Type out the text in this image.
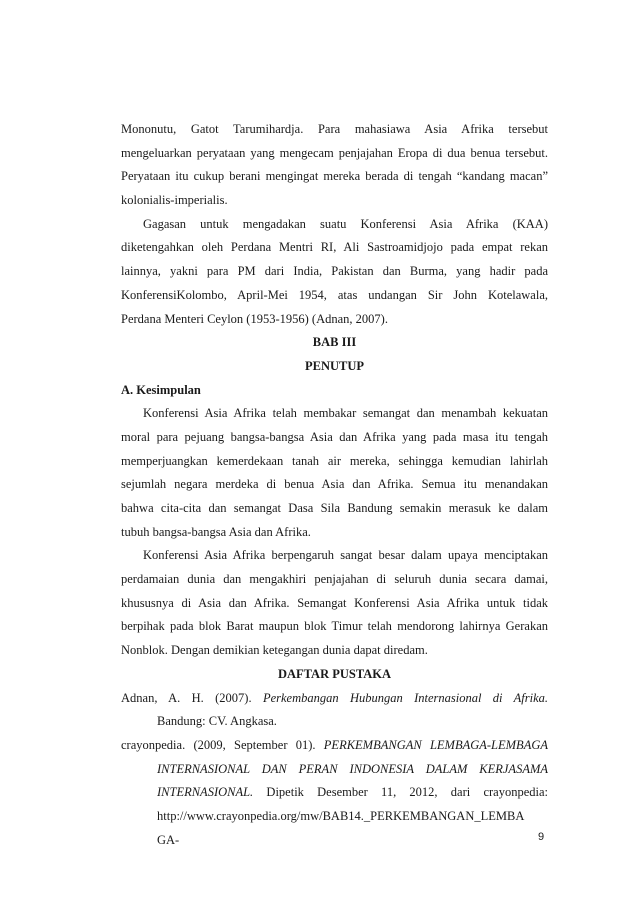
Mononutu, Gatot Tarumihardja. Para mahasiawa Asia Afrika tersebut
mengeluarkan peryataan yang mengecam penjajahan Eropa di dua benua tersebut.
Peryataan itu cukup berani mengingat mereka berada di tengah “kandang macan”
kolonialis-imperialis.
Gagasan untuk mengadakan suatu Konferensi Asia Afrika (KAA)
diketengahkan oleh Perdana Mentri RI, Ali Sastroamidjojo pada empat rekan
lainnya, yakni para PM dari India, Pakistan dan Burma, yang hadir pada
KonferensiKolombo, April-Mei 1954, atas undangan Sir John Kotelawala,
Perdana Menteri Ceylon (1953-1956) (Adnan, 2007).
BAB III
PENUTUP
A. Kesimpulan
Konferensi Asia Afrika telah membakar semangat dan menambah kekuatan
moral para pejuang bangsa-bangsa Asia dan Afrika yang pada masa itu tengah
memperjuangkan kemerdekaan tanah air mereka, sehingga kemudian lahirlah
sejumlah negara merdeka di benua Asia dan Afrika. Semua itu menandakan
bahwa cita-cita dan semangat Dasa Sila Bandung semakin merasuk ke dalam
tubuh bangsa-bangsa Asia dan Afrika.
Konferensi Asia Afrika berpengaruh sangat besar dalam upaya menciptakan
perdamaian dunia dan mengakhiri penjajahan di seluruh dunia secara damai,
khususnya di Asia dan Afrika. Semangat Konferensi Asia Afrika untuk tidak
berpihak pada blok Barat maupun blok Timur telah mendorong lahirnya Gerakan
Nonblok. Dengan demikian ketegangan dunia dapat diredam.
DAFTAR PUSTAKA
Adnan, A. H. (2007). Perkembangan Hubungan Internasional di Afrika.
Bandung: CV. Angkasa.
crayonpedia. (2009, September 01). PERKEMBANGAN LEMBAGA-LEMBAGA
INTERNASIONAL DAN PERAN INDONESIA DALAM KERJASAMA
INTERNASIONAL. Dipetik Desember 11, 2012, dari crayonpedia:
http://www.crayonpedia.org/mw/BAB14._PERKEMBANGAN_LEMBA
GA-	9
